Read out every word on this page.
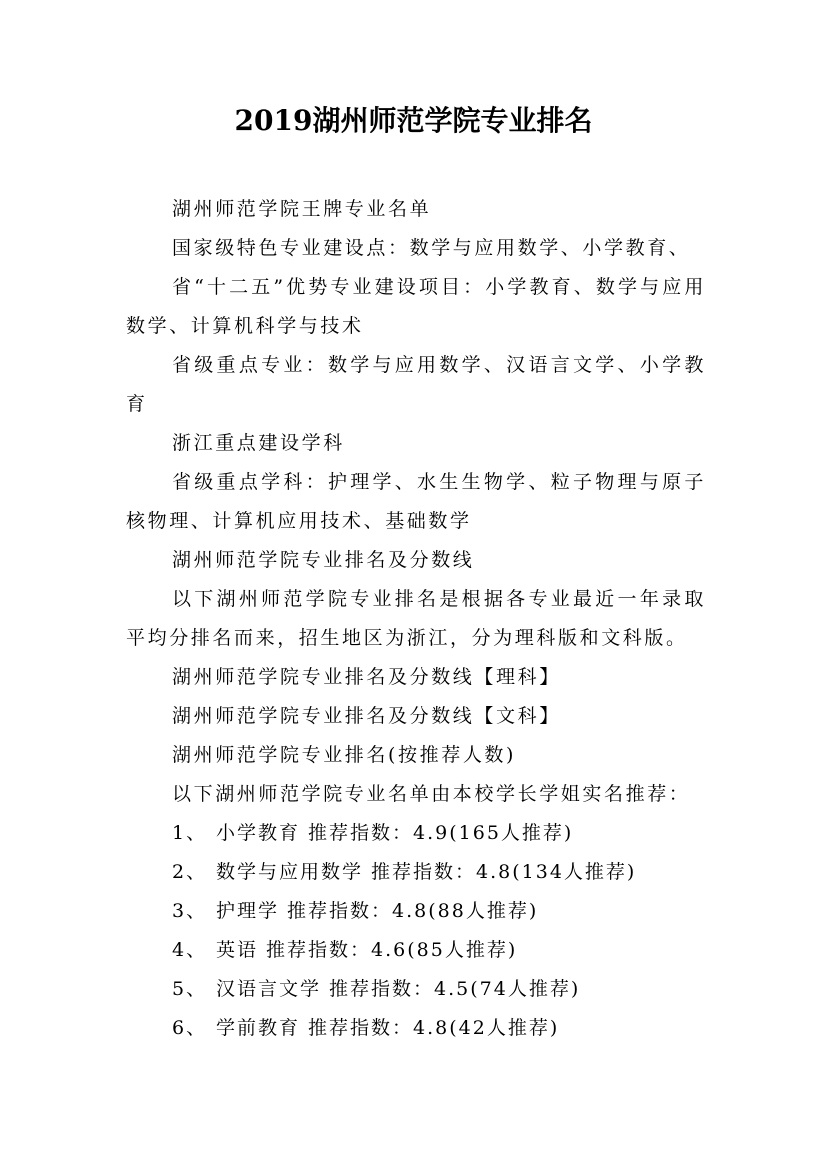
2019湖州师范学院专业排名
湖州师范学院王牌专业名单
国家级特色专业建设点：数学与应用数学、小学教育、
省“十二五”优势专业建设项目：小学教育、数学与应用数学、计算机科学与技术
省级重点专业：数学与应用数学、汉语言文学、小学教育
浙江重点建设学科
省级重点学科：护理学、水生生物学、粒子物理与原子核物理、计算机应用技术、基础数学
湖州师范学院专业排名及分数线
以下湖州师范学院专业排名是根据各专业最近一年录取平均分排名而来，招生地区为浙江，分为理科版和文科版。
湖州师范学院专业排名及分数线【理科】
湖州师范学院专业排名及分数线【文科】
湖州师范学院专业排名(按推荐人数)
以下湖州师范学院专业名单由本校学长学姐实名推荐：
1、 小学教育 推荐指数：4.9(165人推荐)
2、 数学与应用数学 推荐指数：4.8(134人推荐)
3、 护理学 推荐指数：4.8(88人推荐)
4、 英语 推荐指数：4.6(85人推荐)
5、 汉语言文学 推荐指数：4.5(74人推荐)
6、 学前教育 推荐指数：4.8(42人推荐)
